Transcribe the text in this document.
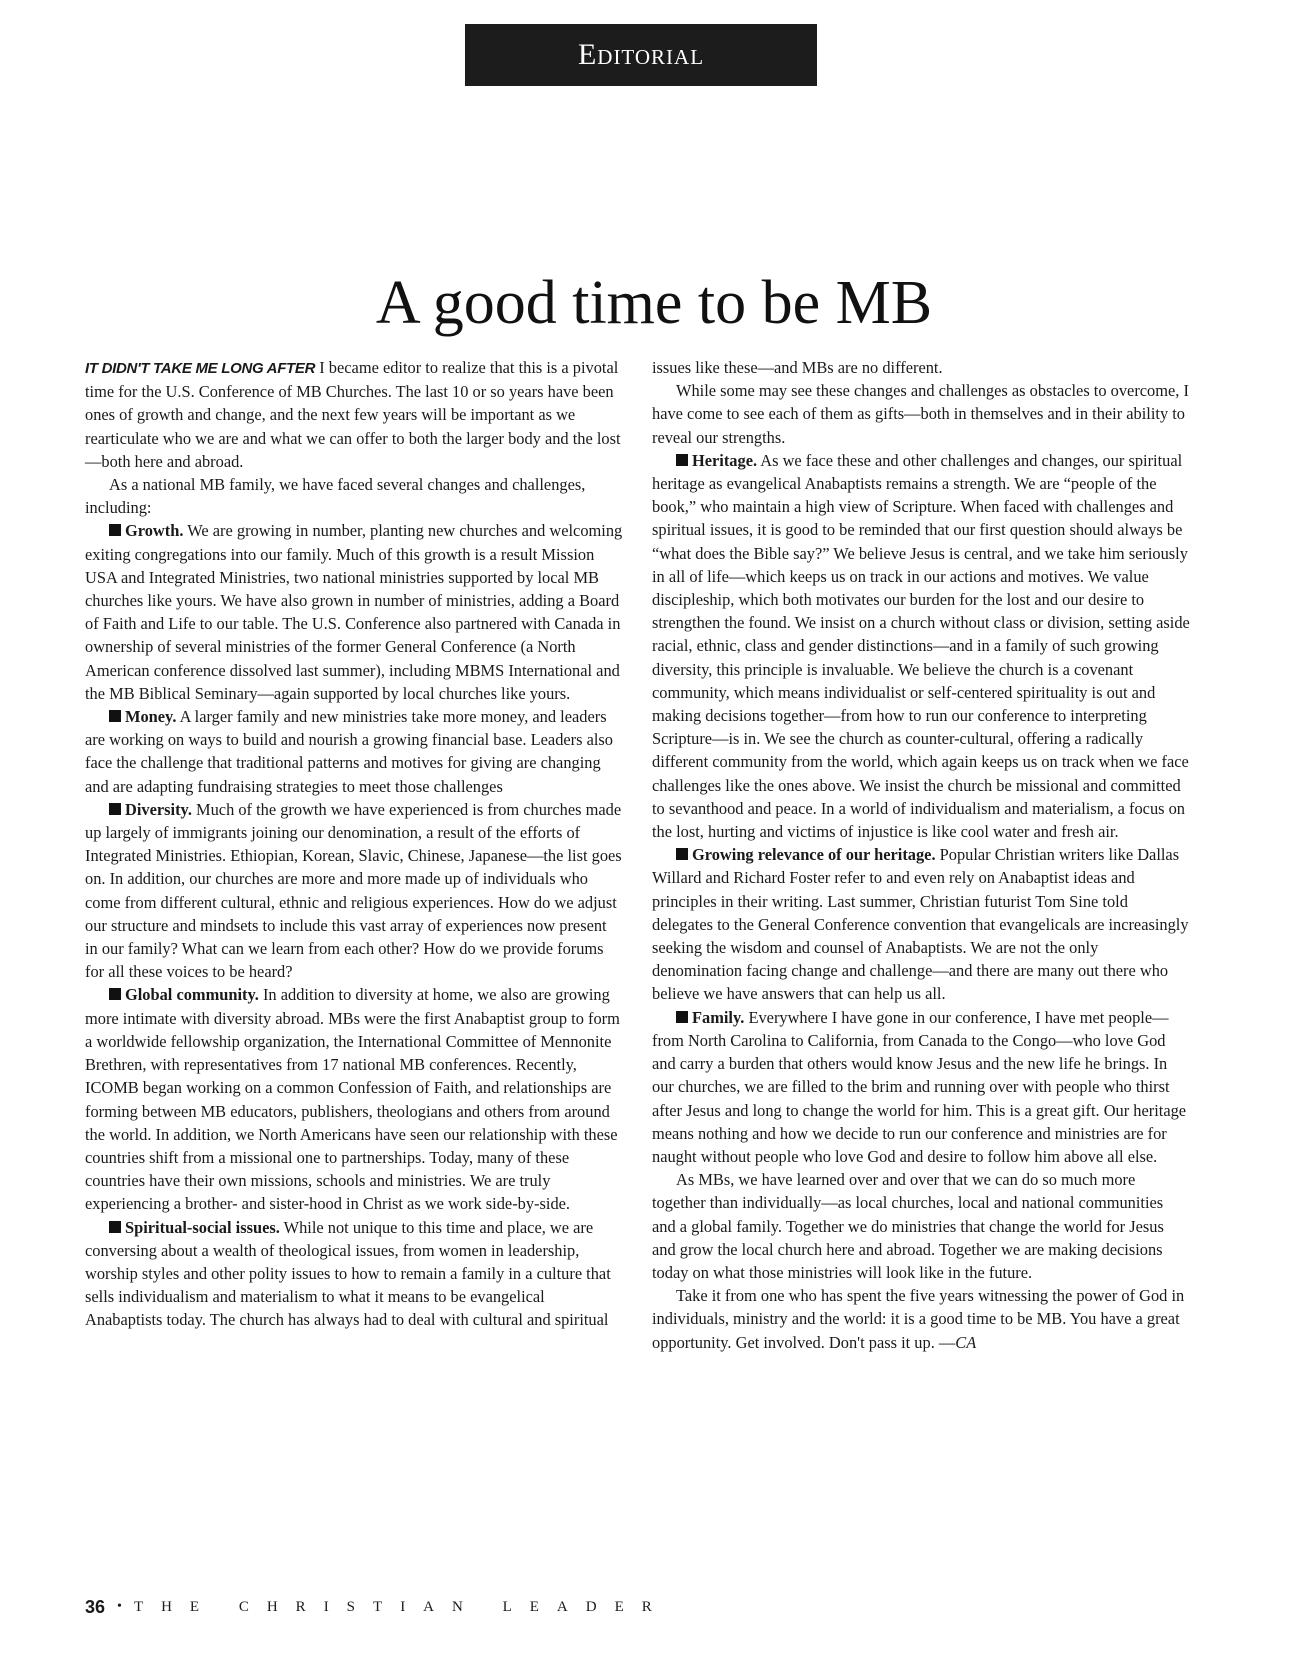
Editorial
A good time to be MB

IT DIDN'T TAKE ME LONG AFTER I became editor to realize that this is a pivotal time for the U.S. Conference of MB Churches. The last 10 or so years have been ones of growth and change, and the next few years will be important as we rearticulate who we are and what we can offer to both the larger body and the lost—both here and abroad.

As a national MB family, we have faced several changes and challenges, including:

Growth. We are growing in number, planting new churches and welcoming exiting congregations into our family. Much of this growth is a result Mission USA and Integrated Ministries, two national ministries supported by local MB churches like yours. We have also grown in number of ministries, adding a Board of Faith and Life to our table. The U.S. Conference also partnered with Canada in ownership of several ministries of the former General Conference (a North American conference dissolved last summer), including MBMS International and the MB Biblical Seminary—again supported by local churches like yours.

Money. A larger family and new ministries take more money, and leaders are working on ways to build and nourish a growing financial base. Leaders also face the challenge that traditional patterns and motives for giving are changing and are adapting fundraising strategies to meet those challenges

Diversity. Much of the growth we have experienced is from churches made up largely of immigrants joining our denomination, a result of the efforts of Integrated Ministries. Ethiopian, Korean, Slavic, Chinese, Japanese—the list goes on. In addition, our churches are more and more made up of individuals who come from different cultural, ethnic and religious experiences. How do we adjust our structure and mindsets to include this vast array of experiences now present in our family? What can we learn from each other? How do we provide forums for all these voices to be heard?

Global community. In addition to diversity at home, we also are growing more intimate with diversity abroad. MBs were the first Anabaptist group to form a worldwide fellowship organization, the International Committee of Mennonite Brethren, with representatives from 17 national MB conferences. Recently, ICOMB began working on a common Confession of Faith, and relationships are forming between MB educators, publishers, theologians and others from around the world. In addition, we North Americans have seen our relationship with these countries shift from a missional one to partnerships. Today, many of these countries have their own missions, schools and ministries. We are truly experiencing a brother- and sister-hood in Christ as we work side-by-side.

Spiritual-social issues. While not unique to this time and place, we are conversing about a wealth of theological issues, from women in leadership, worship styles and other polity issues to how to remain a family in a culture that sells individualism and materialism to what it means to be evangelical Anabaptists today. The church has always had to deal with cultural and spiritual

issues like these—and MBs are no different.

While some may see these changes and challenges as obstacles to overcome, I have come to see each of them as gifts—both in themselves and in their ability to reveal our strengths.

Heritage. As we face these and other challenges and changes, our spiritual heritage as evangelical Anabaptists remains a strength. We are “people of the book,” who maintain a high view of Scripture. When faced with challenges and spiritual issues, it is good to be reminded that our first question should always be “what does the Bible say?” We believe Jesus is central, and we take him seriously in all of life—which keeps us on track in our actions and motives. We value discipleship, which both motivates our burden for the lost and our desire to strengthen the found. We insist on a church without class or division, setting aside racial, ethnic, class and gender distinctions—and in a family of such growing diversity, this principle is invaluable. We believe the church is a covenant community, which means individualist or self-centered spirituality is out and making decisions together—from how to run our conference to interpreting Scripture—is in. We see the church as counter-cultural, offering a radically different community from the world, which again keeps us on track when we face challenges like the ones above. We insist the church be missional and committed to sevanthood and peace. In a world of individualism and materialism, a focus on the lost, hurting and victims of injustice is like cool water and fresh air.

Growing relevance of our heritage. Popular Christian writers like Dallas Willard and Richard Foster refer to and even rely on Anabaptist ideas and principles in their writing. Last summer, Christian futurist Tom Sine told delegates to the General Conference convention that evangelicals are increasingly seeking the wisdom and counsel of Anabaptists. We are not the only denomination facing change and challenge—and there are many out there who believe we have answers that can help us all.

Family. Everywhere I have gone in our conference, I have met people—from North Carolina to California, from Canada to the Congo—who love God and carry a burden that others would know Jesus and the new life he brings. In our churches, we are filled to the brim and running over with people who thirst after Jesus and long to change the world for him. This is a great gift. Our heritage means nothing and how we decide to run our conference and ministries are for naught without people who love God and desire to follow him above all else.

As MBs, we have learned over and over that we can do so much more together than individually—as local churches, local and national communities and a global family. Together we do ministries that change the world for Jesus and grow the local church here and abroad. Together we are making decisions today on what those ministries will look like in the future.

Take it from one who has spent the five years witnessing the power of God in individuals, ministry and the world: it is a good time to be MB. You have a great opportunity. Get involved. Don't pass it up. —CA

36 • THE CHRISTIAN LEADER
